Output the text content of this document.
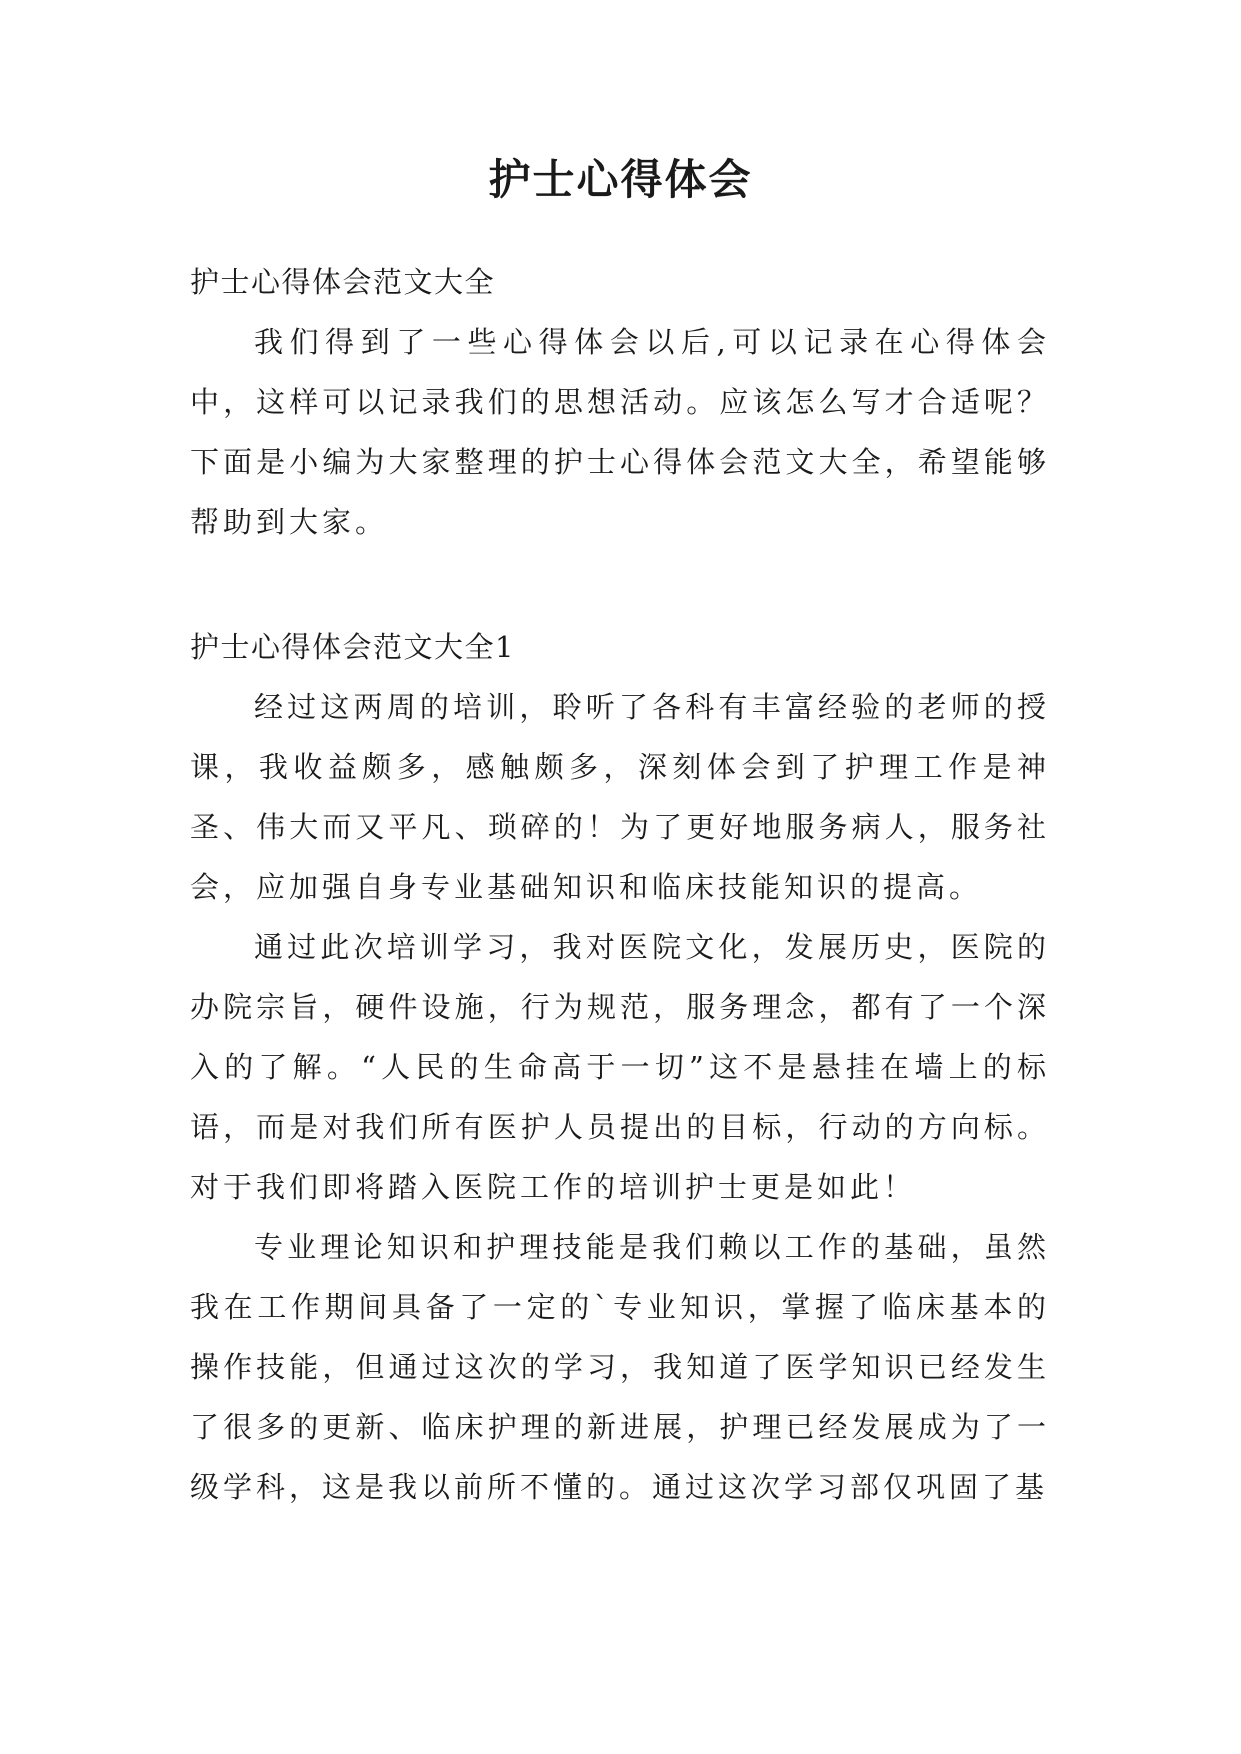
护士心得体会

护士心得体会范文大全

我们得到了一些心得体会以后,可以记录在心得体会中，这样可以记录我们的思想活动。应该怎么写才合适呢？下面是小编为大家整理的护士心得体会范文大全，希望能够帮助到大家。

护士心得体会范文大全1

经过这两周的培训，聆听了各科有丰富经验的老师的授课，我收益颇多，感触颇多，深刻体会到了护理工作是神圣、伟大而又平凡、琐碎的！为了更好地服务病人，服务社会，应加强自身专业基础知识和临床技能知识的提高。

通过此次培训学习，我对医院文化，发展历史，医院的办院宗旨，硬件设施，行为规范，服务理念，都有了一个深入的了解。“人民的生命高于一切”这不是悬挂在墙上的标语，而是对我们所有医护人员提出的目标，行动的方向标。对于我们即将踏入医院工作的培训护士更是如此！

专业理论知识和护理技能是我们赖以工作的基础，虽然我在工作期间具备了一定的`专业知识，掌握了临床基本的操作技能，但通过这次的学习，我知道了医学知识已经发生了很多的更新、临床护理的新进展，护理已经发展成为了一级学科，这是我以前所不懂的。通过这次学习部仅巩固了基
